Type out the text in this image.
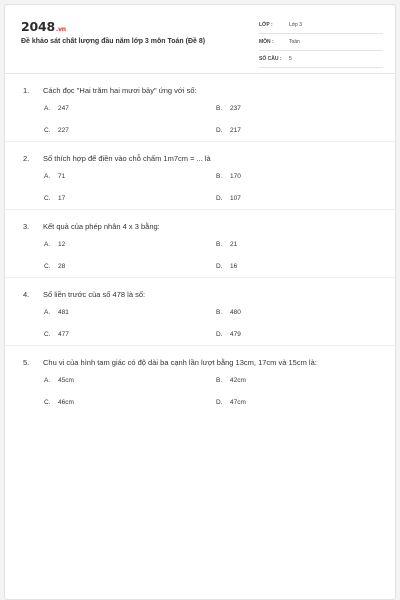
2048.vn
Đề khảo sát chất lượng đầu năm lớp 3 môn Toán (Đề 8)
LỚP :	Lớp 3
MÔN :	Toán
SỐ CÂU : 5
1. Cách đọc "Hai trăm hai mươi bảy" ứng với số:
A. 247	B. 237
C. 227	D. 217
2. Số thích hợp để điền vào chỗ chấm 1m7cm = ... là
A. 71	B. 170
C. 17	D. 107
3. Kết quả của phép nhân 4 x 3 bằng:
A. 12	B. 21
C. 28	D. 16
4. Số liền trước của số 478 là số:
A. 481	B. 480
C. 477	D. 479
5. Chu vi của hình tam giác có độ dài ba cạnh lần lượt bằng 13cm, 17cm và 15cm là:
A. 45cm	B. 42cm
C. 46cm	D. 47cm
